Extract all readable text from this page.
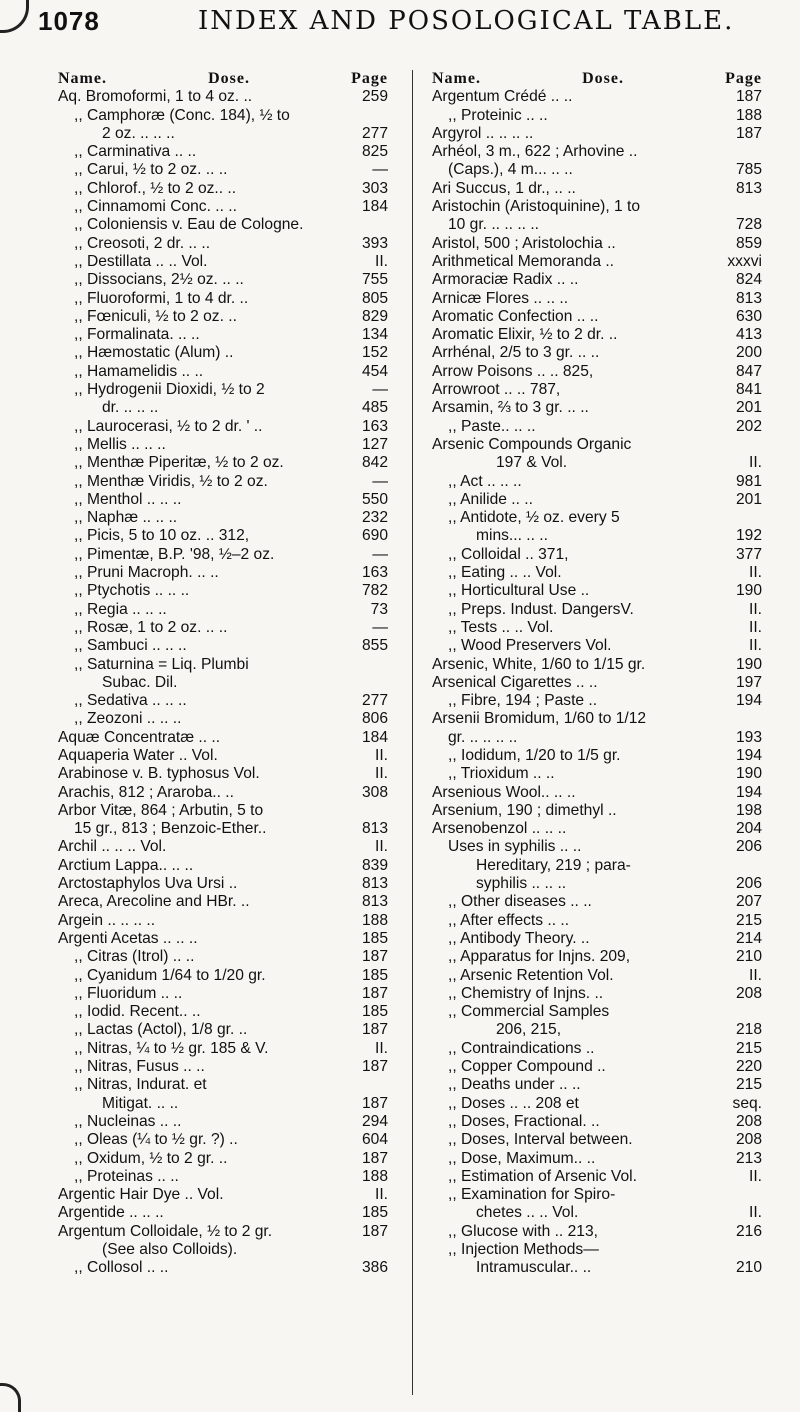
1078	INDEX AND POSOLOGICAL TABLE.
Name.	Dose.	Page
Aq. Bromoformi, 1 to 4 oz. ..	259
,, Camphoræ (Conc. 184), ½ to
2 oz. .. .. ..	277
,, Carminativa .. ..	825
,, Carui, ½ to 2 oz. .. ..	—
,, Chlorof., ½ to 2 oz.. ..	303
,, Cinnamomi Conc. .. ..	184
,, Coloniensis v. Eau de Cologne.
,, Creosoti, 2 dr. .. ..	393
,, Destillata .. .. Vol.	II.
,, Dissocians, 2½ oz. .. ..	755
,, Fluoroformi, 1 to 4 dr. ..	805
,, Fœniculi, ½ to 2 oz. ..	829
,, Formalinata. .. ..	134
,, Hæmostatic (Alum) ..	152
,, Hamamelidis .. ..	454
,, Hydrogenii Dioxidi, ½ to 2	—
dr. .. .. ..	485
,, Laurocerasi, ½ to 2 dr. ' ..	163
,, Mellis .. .. ..	127
,, Menthæ Piperitæ, ½ to 2 oz.	842
,, Menthæ Viridis, ½ to 2 oz.	—
,, Menthol .. .. ..	550
,, Naphæ .. .. ..	232
,, Picis, 5 to 10 oz. .. 312,	690
,, Pimentæ, B.P. '98, ½–2 oz.	—
,, Pruni Macroph. .. ..	163
,, Ptychotis .. .. ..	782
,, Regia .. .. ..	73
,, Rosæ, 1 to 2 oz. .. ..	—
,, Sambuci .. .. ..	855
,, Saturnina = Liq. Plumbi
Subac. Dil.
,, Sedativa .. .. ..	277
,, Zeozoni .. .. ..	806
Aquæ Concentratæ .. ..	184
Aquaperia Water .. Vol.	II.
Arabinose v. B. typhosus Vol.	II.
Arachis, 812 ; Araroba.. ..	308
Arbor Vitæ, 864 ; Arbutin, 5 to
15 gr., 813 ; Benzoic-Ether..	813
Archil .. .. .. Vol.	II.
Arctium Lappa.. .. ..	839
Arctostaphylos Uva Ursi ..	813
Areca, Arecoline and HBr. ..	813
Argein .. .. .. ..	188
Argenti Acetas .. .. ..	185
,, Citras (Itrol) .. ..	187
,, Cyanidum 1/64 to 1/20 gr.	185
,, Fluoridum .. ..	187
,, Iodid. Recent.. ..	185
,, Lactas (Actol), 1/8 gr. ..	187
,, Nitras, ¼ to ½ gr. 185 & V.	II.
,, Nitras, Fusus .. ..	187
,, Nitras, Indurat. et
Mitigat. .. ..	187
,, Nucleinas .. ..	294
,, Oleas (¼ to ½ gr. ?) ..	604
,, Oxidum, ½ to 2 gr. ..	187
,, Proteinas .. ..	188
Argentic Hair Dye .. Vol.	II.
Argentide .. .. ..	185
Argentum Colloidale, ½ to 2 gr.	187
(See also Colloids).
,, Collosol .. ..	386
Name.	Dose.	Page
Argentum Crédé .. ..	187
,, Proteinic .. ..	188
Argyrol .. .. .. ..	187
Arhéol, 3 m., 622 ; Arhovine ..
(Caps.), 4 m... .. ..	785
Ari Succus, 1 dr., .. ..	813
Aristochin (Aristoquinine), 1 to
10 gr. .. .. .. ..	728
Aristol, 500 ; Aristolochia ..	859
Arithmetical Memoranda ..	xxxvi
Armoraciæ Radix .. ..	824
Arnicæ Flores .. .. ..	813
Aromatic Confection .. ..	630
Aromatic Elixir, ½ to 2 dr. ..	413
Arrhénal, 2/5 to 3 gr. .. ..	200
Arrow Poisons .. .. 825,	847
Arrowroot .. .. 787,	841
Arsamin, ⅔ to 3 gr. .. ..	201
,, Paste.. .. ..	202
Arsenic Compounds Organic
197 & Vol.	II.
,, Act .. .. ..	981
,, Anilide .. ..	201
,, Antidote, ½ oz. every 5
mins... .. ..	192
,, Colloidal .. 371,	377
,, Eating .. .. Vol.	II.
,, Horticultural Use ..	190
,, Preps. Indust. DangersV.	II.
,, Tests .. .. Vol.	II.
,, Wood Preservers Vol.	II.
Arsenic, White, 1/60 to 1/15 gr.	190
Arsenical Cigarettes .. ..	197
,, Fibre, 194 ; Paste ..	194
Arsenii Bromidum, 1/60 to 1/12
gr. .. .. .. ..	193
,, Iodidum, 1/20 to 1/5 gr.	194
,, Trioxidum .. ..	190
Arsenious Wool.. .. ..	194
Arsenium, 190 ; dimethyl ..	198
Arsenobenzol .. .. ..	204
Uses in syphilis .. ..	206
Hereditary, 219 ; para-
syphilis .. .. ..	206
,, Other diseases .. ..	207
,, After effects .. ..	215
,, Antibody Theory. ..	214
,, Apparatus for Injns. 209,	210
,, Arsenic Retention Vol.	II.
,, Chemistry of Injns. ..	208
,, Commercial Samples
206, 215,	218
,, Contraindications ..	215
,, Copper Compound ..	220
,, Deaths under .. ..	215
,, Doses .. .. 208 et	seq.
,, Doses, Fractional. ..	208
,, Doses, Interval between.	208
,, Dose, Maximum.. ..	213
,, Estimation of Arsenic Vol.	II.
,, Examination for Spiro-
chetes .. .. Vol.	II.
,, Glucose with .. 213,	216
,, Injection Methods—
Intramuscular.. ..	210
